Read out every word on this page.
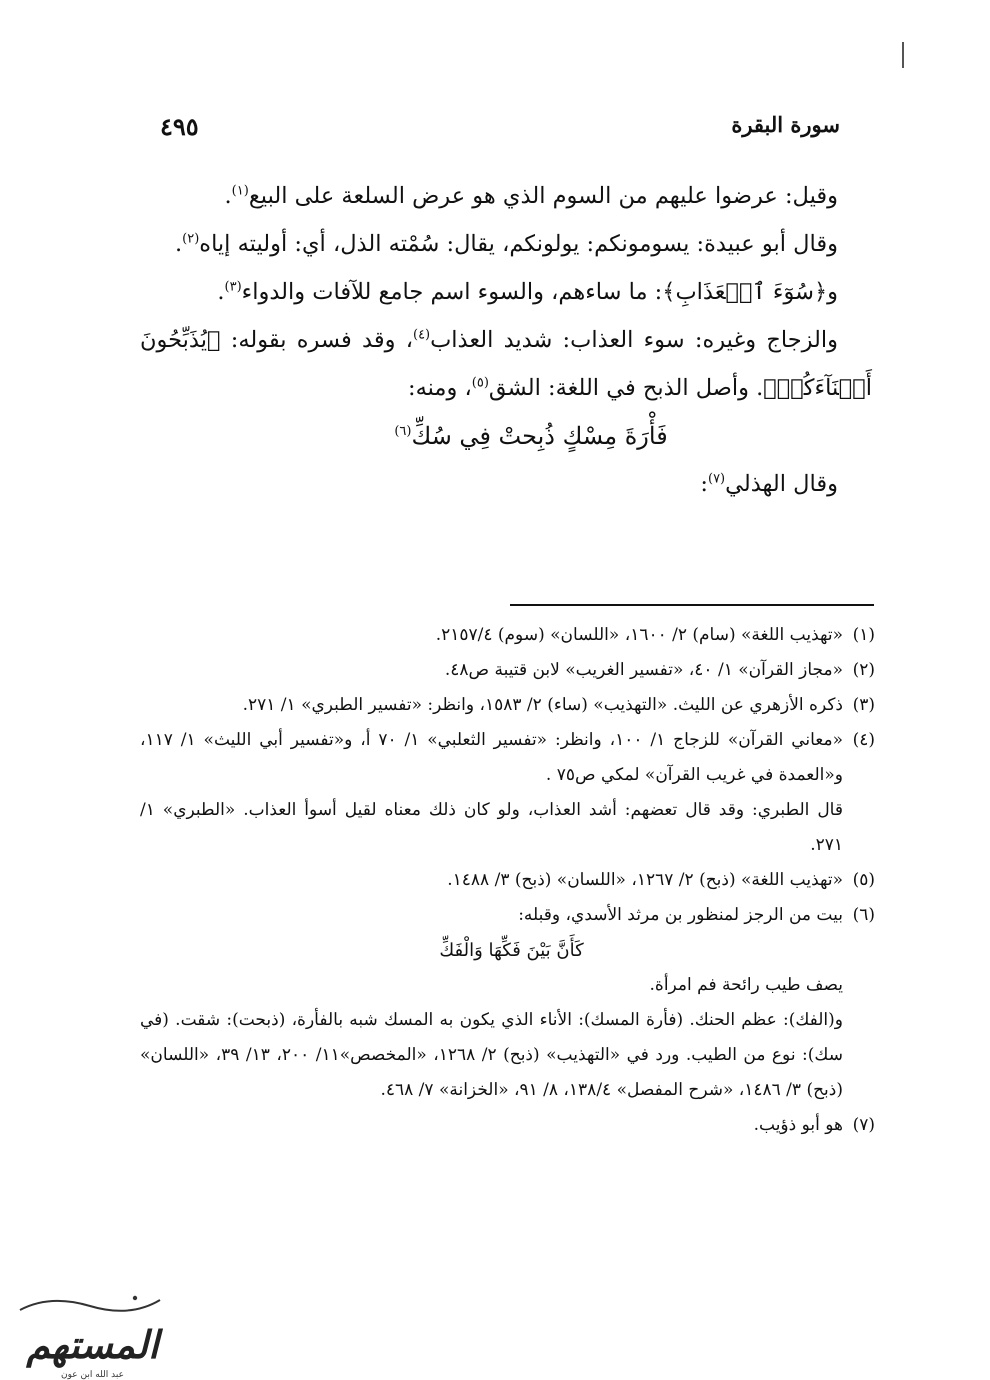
سورة البقرة
٤٩٥

وقيل: عرضوا عليهم من السوم الذي هو عرض السلعة على البيع$^{(١)}$.

وقال أبو عبيدة: يسومونكم: يولونكم، يقال: سُمْته الذل، أي: أوليته إياه$^{(٢)}$.

و﴿سُوٓءَ ٱلۡعَذَابِ﴾: ما ساءهم، والسوء اسم جامع للآفات والدواء$^{(٣)}$.

والزجاج وغيره: سوء العذاب: شديد العذاب$^{(٤)}$، وقد فسره بقوله: ﴿يُذَبِّحُونَ أَبۡنَآءَكُمۡ﴾. وأصل الذبح في اللغة: الشق$^{(٥)}$، ومنه:

فَأْرَةَ مِسْكٍ ذُبِحتْ فِي سُكِّ$^{(٦)}$

وقال الهذلي$^{(٧)}$:

(١)

«تهذيب اللغة» (سام) ٢/ ١٦٠٠، «اللسان» (سوم) ٢١٥٧/٤.

(٢)

«مجاز القرآن» ١/ ٤٠، «تفسير الغريب» لابن قتيبة ص٤٨.

(٣)

ذكره الأزهري عن الليث. «التهذيب» (ساء) ٢/ ١٥٨٣، وانظر: «تفسير الطبري» ١/ ٢٧١.

(٤)

«معاني القرآن» للزجاج ١/ ١٠٠، وانظر: «تفسير الثعلبي» ١/ ٧٠ أ، و«تفسير أبي الليث» ١/ ١١٧، و«العمدة في غريب القرآن» لمكي ص٧٥ .

قال الطبري: وقد قال تعضهم: أشد العذاب، ولو كان ذلك معناه لقيل أسوأ العذاب. «الطبري» ١/ ٢٧١.

(٥)

«تهذيب اللغة» (ذبح) ٢/ ١٢٦٧، «اللسان» (ذبح) ٣/ ١٤٨٨.

(٦)

بيت من الرجز لمنظور بن مرثد الأسدي، وقبله:

كَأَنَّ بَيْنَ فَكِّهَا وَالْفَكِّ

يصف طيب رائحة فم امرأة.

و(الفك): عظم الحنك. (فأرة المسك): الأناء الذي يكون به المسك شبه بالفأرة، (ذبحت): شقت. (في سك): نوع من الطيب. ورد في «التهذيب» (ذبح) ٢/ ١٢٦٨، «المخصص»١١/ ٢٠٠، ١٣/ ٣٩، «اللسان» (ذبح) ٣/ ١٤٨٦، «شرح المفصل» ١٣٨/٤، ٨/ ٩١، «الخزانة» ٧/ ٤٦٨.

(٧)

هو أبو ذؤيب.

المستهم
عبد الله ابن عون
